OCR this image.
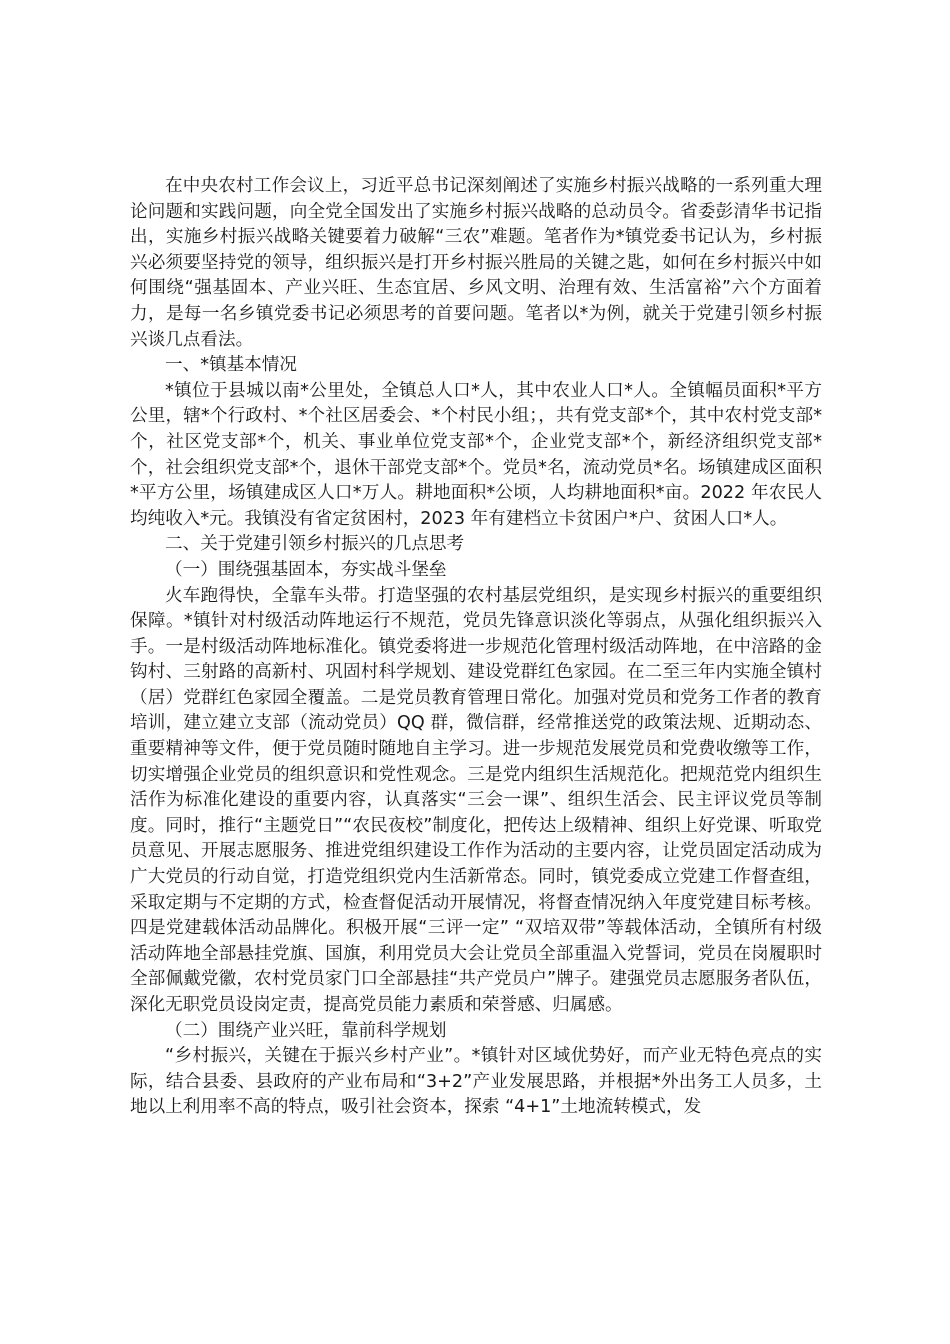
在中央农村工作会议上，习近平总书记深刻阐述了实施乡村振兴战略的一系列重大理论问题和实践问题，向全党全国发出了实施乡村振兴战略的总动员令。省委彭清华书记指出，实施乡村振兴战略关键要着力破解“三农”难题。笔者作为*镇党委书记认为，乡村振兴必须要坚持党的领导，组织振兴是打开乡村振兴胜局的关键之匙，如何在乡村振兴中如何围绕“强基固本、产业兴旺、生态宜居、乡风文明、治理有效、生活富裕”六个方面着力，是每一名乡镇党委书记必须思考的首要问题。笔者以*为例，就关于党建引领乡村振兴谈几点看法。

一、*镇基本情况

*镇位于县城以南*公里处，全镇总人口*人，其中农业人口*人。全镇幅员面积*平方公里，辖*个行政村、*个社区居委会、*个村民小组；，共有党支部*个，其中农村党支部*个，社区党支部*个，机关、事业单位党支部*个，企业党支部*个，新经济组织党支部*个，社会组织党支部*个，退休干部党支部*个。党员*名，流动党员*名。场镇建成区面积*平方公里，场镇建成区人口*万人。耕地面积*公顷，人均耕地面积*亩。2022 年农民人均纯收入*元。我镇没有省定贫困村，2023 年有建档立卡贫困户*户、贫困人口*人。

二、关于党建引领乡村振兴的几点思考

（一）围绕强基固本，夯实战斗堡垒

火车跑得快，全靠车头带。打造坚强的农村基层党组织，是实现乡村振兴的重要组织保障。*镇针对村级活动阵地运行不规范，党员先锋意识淡化等弱点，从强化组织振兴入手。一是村级活动阵地标准化。镇党委将进一步规范化管理村级活动阵地，在中涪路的金钩村、三射路的高新村、巩固村科学规划、建设党群红色家园。在二至三年内实施全镇村（居）党群红色家园全覆盖。二是党员教育管理日常化。加强对党员和党务工作者的教育培训，建立建立支部（流动党员）QQ 群，微信群，经常推送党的政策法规、近期动态、重要精神等文件，便于党员随时随地自主学习。进一步规范发展党员和党费收缴等工作，切实增强企业党员的组织意识和党性观念。三是党内组织生活规范化。把规范党内组织生活作为标准化建设的重要内容，认真落实“三会一课”、组织生活会、民主评议党员等制度。同时，推行“主题党日”“农民夜校”制度化，把传达上级精神、组织上好党课、听取党员意见、开展志愿服务、推进党组织建设工作作为活动的主要内容，让党员固定活动成为广大党员的行动自觉，打造党组织党内生活新常态。同时，镇党委成立党建工作督查组，采取定期与不定期的方式，检查督促活动开展情况，将督查情况纳入年度党建目标考核。四是党建载体活动品牌化。积极开展“三评一定” “双培双带”等载体活动，全镇所有村级活动阵地全部悬挂党旗、国旗，利用党员大会让党员全部重温入党誓词，党员在岗履职时全部佩戴党徽，农村党员家门口全部悬挂“共产党员户”牌子。建强党员志愿服务者队伍，深化无职党员设岗定责，提高党员能力素质和荣誉感、归属感。

（二）围绕产业兴旺，靠前科学规划

“乡村振兴，关键在于振兴乡村产业”。*镇针对区域优势好，而产业无特色亮点的实际，结合县委、县政府的产业布局和“3+2”产业发展思路，并根据*外出务工人员多，土地以上利用率不高的特点，吸引社会资本，探索 “4+1”土地流转模式，发
